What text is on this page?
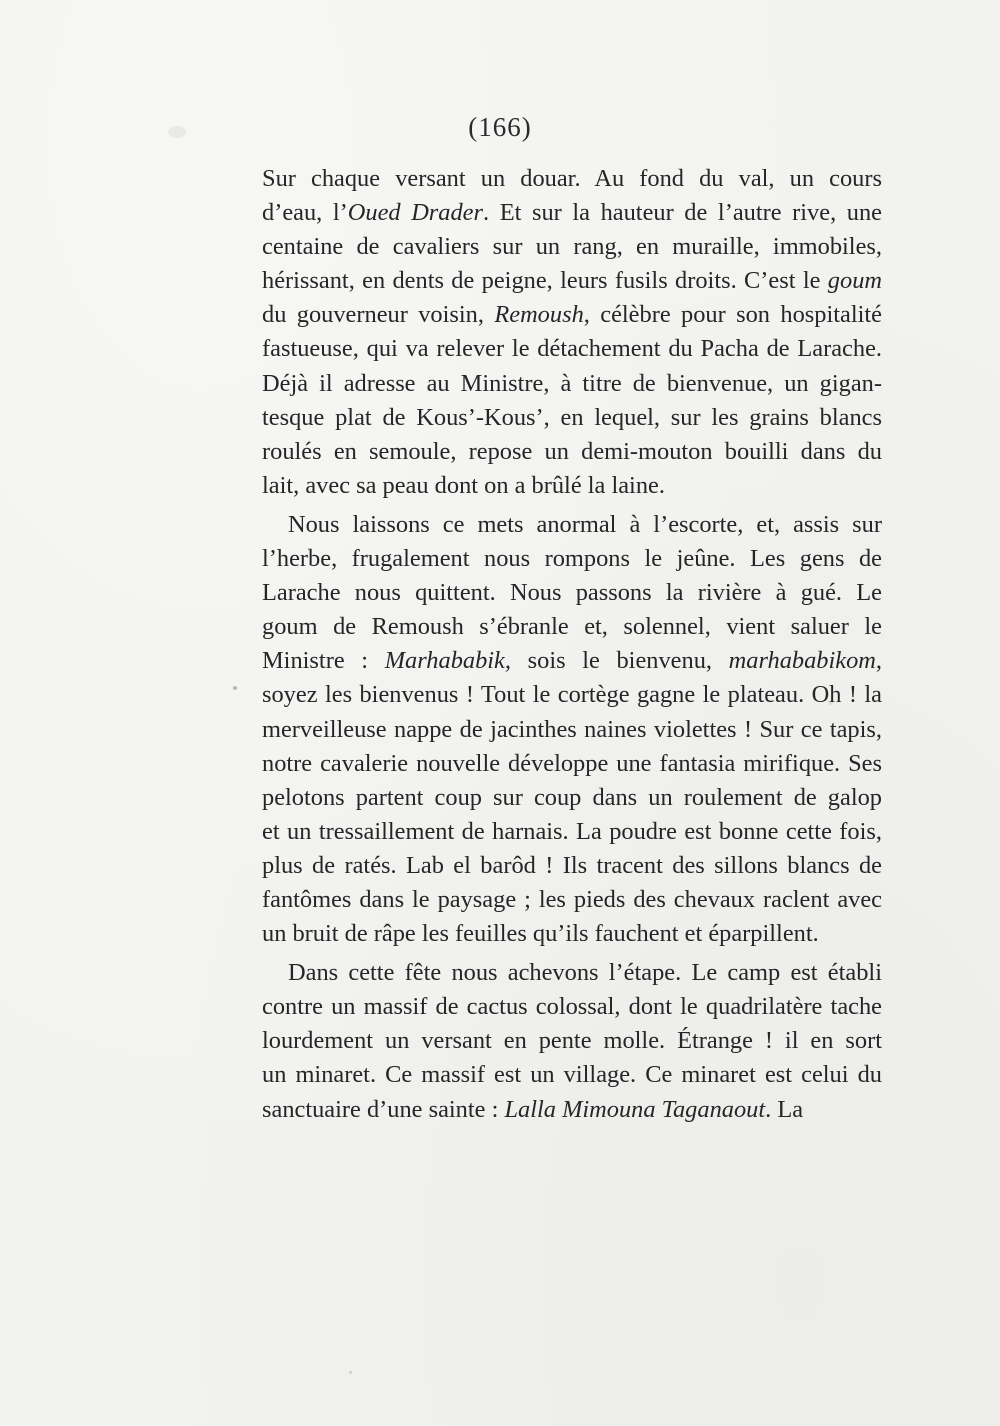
(166)
Sur chaque versant un douar. Au fond du val, un cours
d’eau, l’Oued Drader. Et sur la hauteur de l’autre rive, une
centaine de cavaliers sur un rang, en muraille, immobiles,
hérissant, en dents de peigne, leurs fusils droits. C’est le goum
du gouverneur voisin, Remoush, célèbre pour son hospitalité
fastueuse, qui va relever le détachement du Pacha de Larache.
Déjà il adresse au Ministre, à titre de bienvenue, un gigan-
tesque plat de Kous’-Kous’, en lequel, sur les grains blancs
roulés en semoule, repose un demi-mouton bouilli dans du
lait, avec sa peau dont on a brûlé la laine.
Nous laissons ce mets anormal à l’escorte, et, assis sur
l’herbe, frugalement nous rompons le jeûne. Les gens de
Larache nous quittent. Nous passons la rivière à gué. Le
goum de Remoush s’ébranle et, solennel, vient saluer le
Ministre : Marhababik, sois le bienvenu, marhababikom,
soyez les bienvenus ! Tout le cortège gagne le plateau. Oh ! la
merveilleuse nappe de jacinthes naines violettes ! Sur ce tapis,
notre cavalerie nouvelle développe une fantasia mirifique. Ses
pelotons partent coup sur coup dans un roulement de galop
et un tressaillement de harnais. La poudre est bonne cette fois,
plus de ratés. Lab el barôd ! Ils tracent des sillons blancs de
fantômes dans le paysage ; les pieds des chevaux raclent avec
un bruit de râpe les feuilles qu’ils fauchent et éparpillent.
Dans cette fête nous achevons l’étape. Le camp est établi
contre un massif de cactus colossal, dont le quadrilatère tache
lourdement un versant en pente molle. Étrange ! il en sort
un minaret. Ce massif est un village. Ce minaret est celui du
sanctuaire d’une sainte : Lalla Mimouna Taganaout. La
